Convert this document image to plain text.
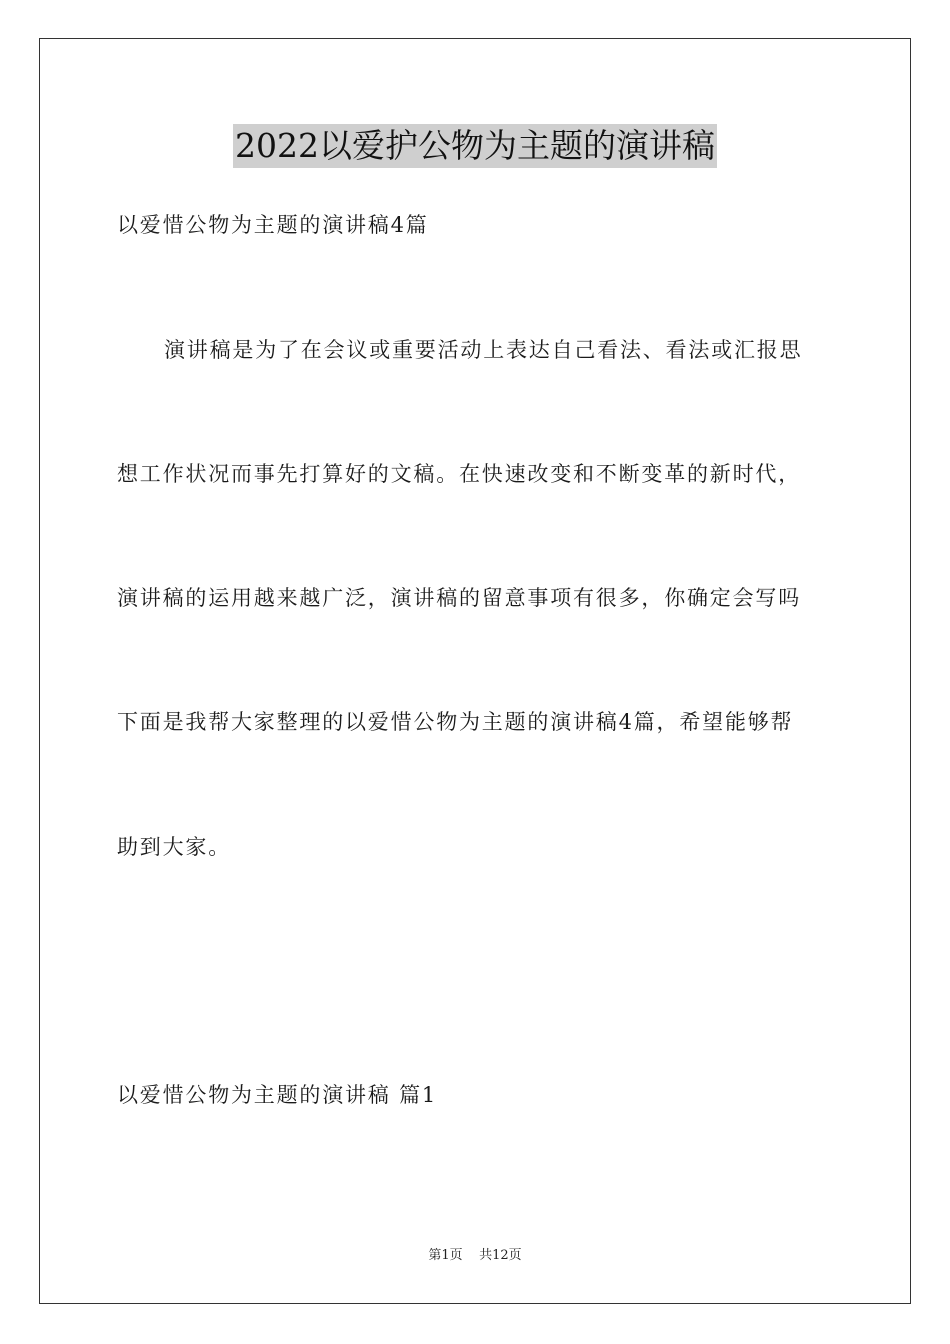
2022以爱护公物为主题的演讲稿
以爱惜公物为主题的演讲稿4篇
演讲稿是为了在会议或重要活动上表达自己看法、看法或汇报思
想工作状况而事先打算好的文稿。在快速改变和不断变革的新时代，
演讲稿的运用越来越广泛，演讲稿的留意事项有很多，你确定会写吗
下面是我帮大家整理的以爱惜公物为主题的演讲稿4篇，希望能够帮
助到大家。
以爱惜公物为主题的演讲稿 篇1
第1页 共12页
